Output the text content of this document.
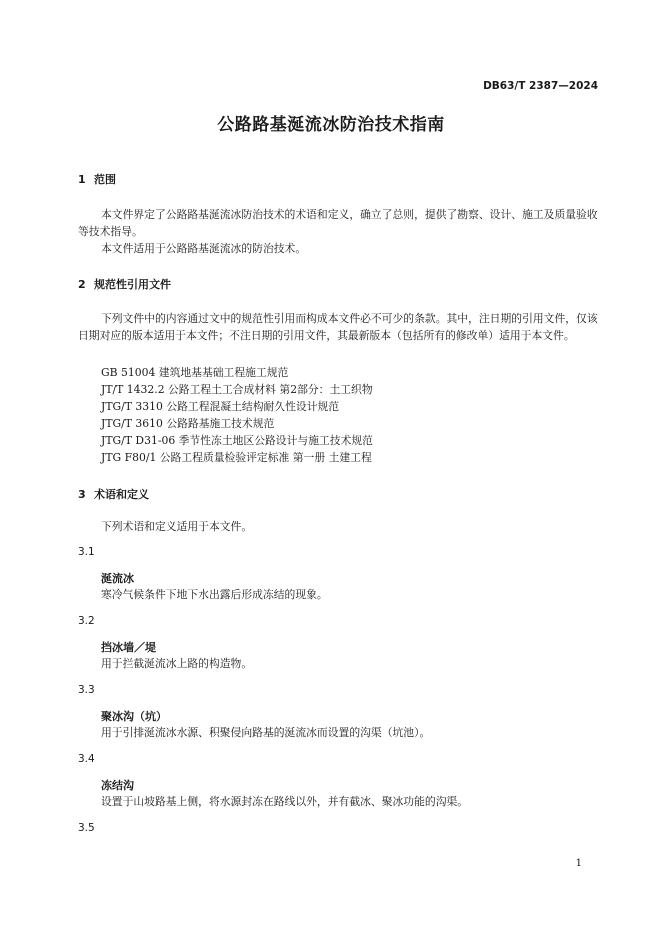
DB63/T 2387—2024
公路路基涎流冰防治技术指南
1 范围
本文件界定了公路路基涎流冰防治技术的术语和定义，确立了总则，提供了勘察、设计、施工及质量验收等技术指导。
本文件适用于公路路基涎流冰的防治技术。
2 规范性引用文件
下列文件中的内容通过文中的规范性引用而构成本文件必不可少的条款。其中，注日期的引用文件，仅该日期对应的版本适用于本文件；不注日期的引用文件，其最新版本（包括所有的修改单）适用于本文件。
GB 51004 建筑地基基础工程施工规范
JT/T 1432.2 公路工程土工合成材料 第2部分：土工织物
JTG/T 3310 公路工程混凝土结构耐久性设计规范
JTG/T 3610 公路路基施工技术规范
JTG/T D31-06 季节性冻土地区公路设计与施工技术规范
JTG F80/1 公路工程质量检验评定标准 第一册 土建工程
3 术语和定义
下列术语和定义适用于本文件。
3.1
涎流冰
寒冷气候条件下地下水出露后形成冻结的现象。
3.2
挡冰墙／堤
用于拦截涎流冰上路的构造物。
3.3
聚冰沟（坑）
用于引排涎流冰水源、积聚侵向路基的涎流冰而设置的沟渠（坑池）。
3.4
冻结沟
设置于山坡路基上侧，将水源封冻在路线以外，并有截冰、聚冰功能的沟渠。
3.5
1
